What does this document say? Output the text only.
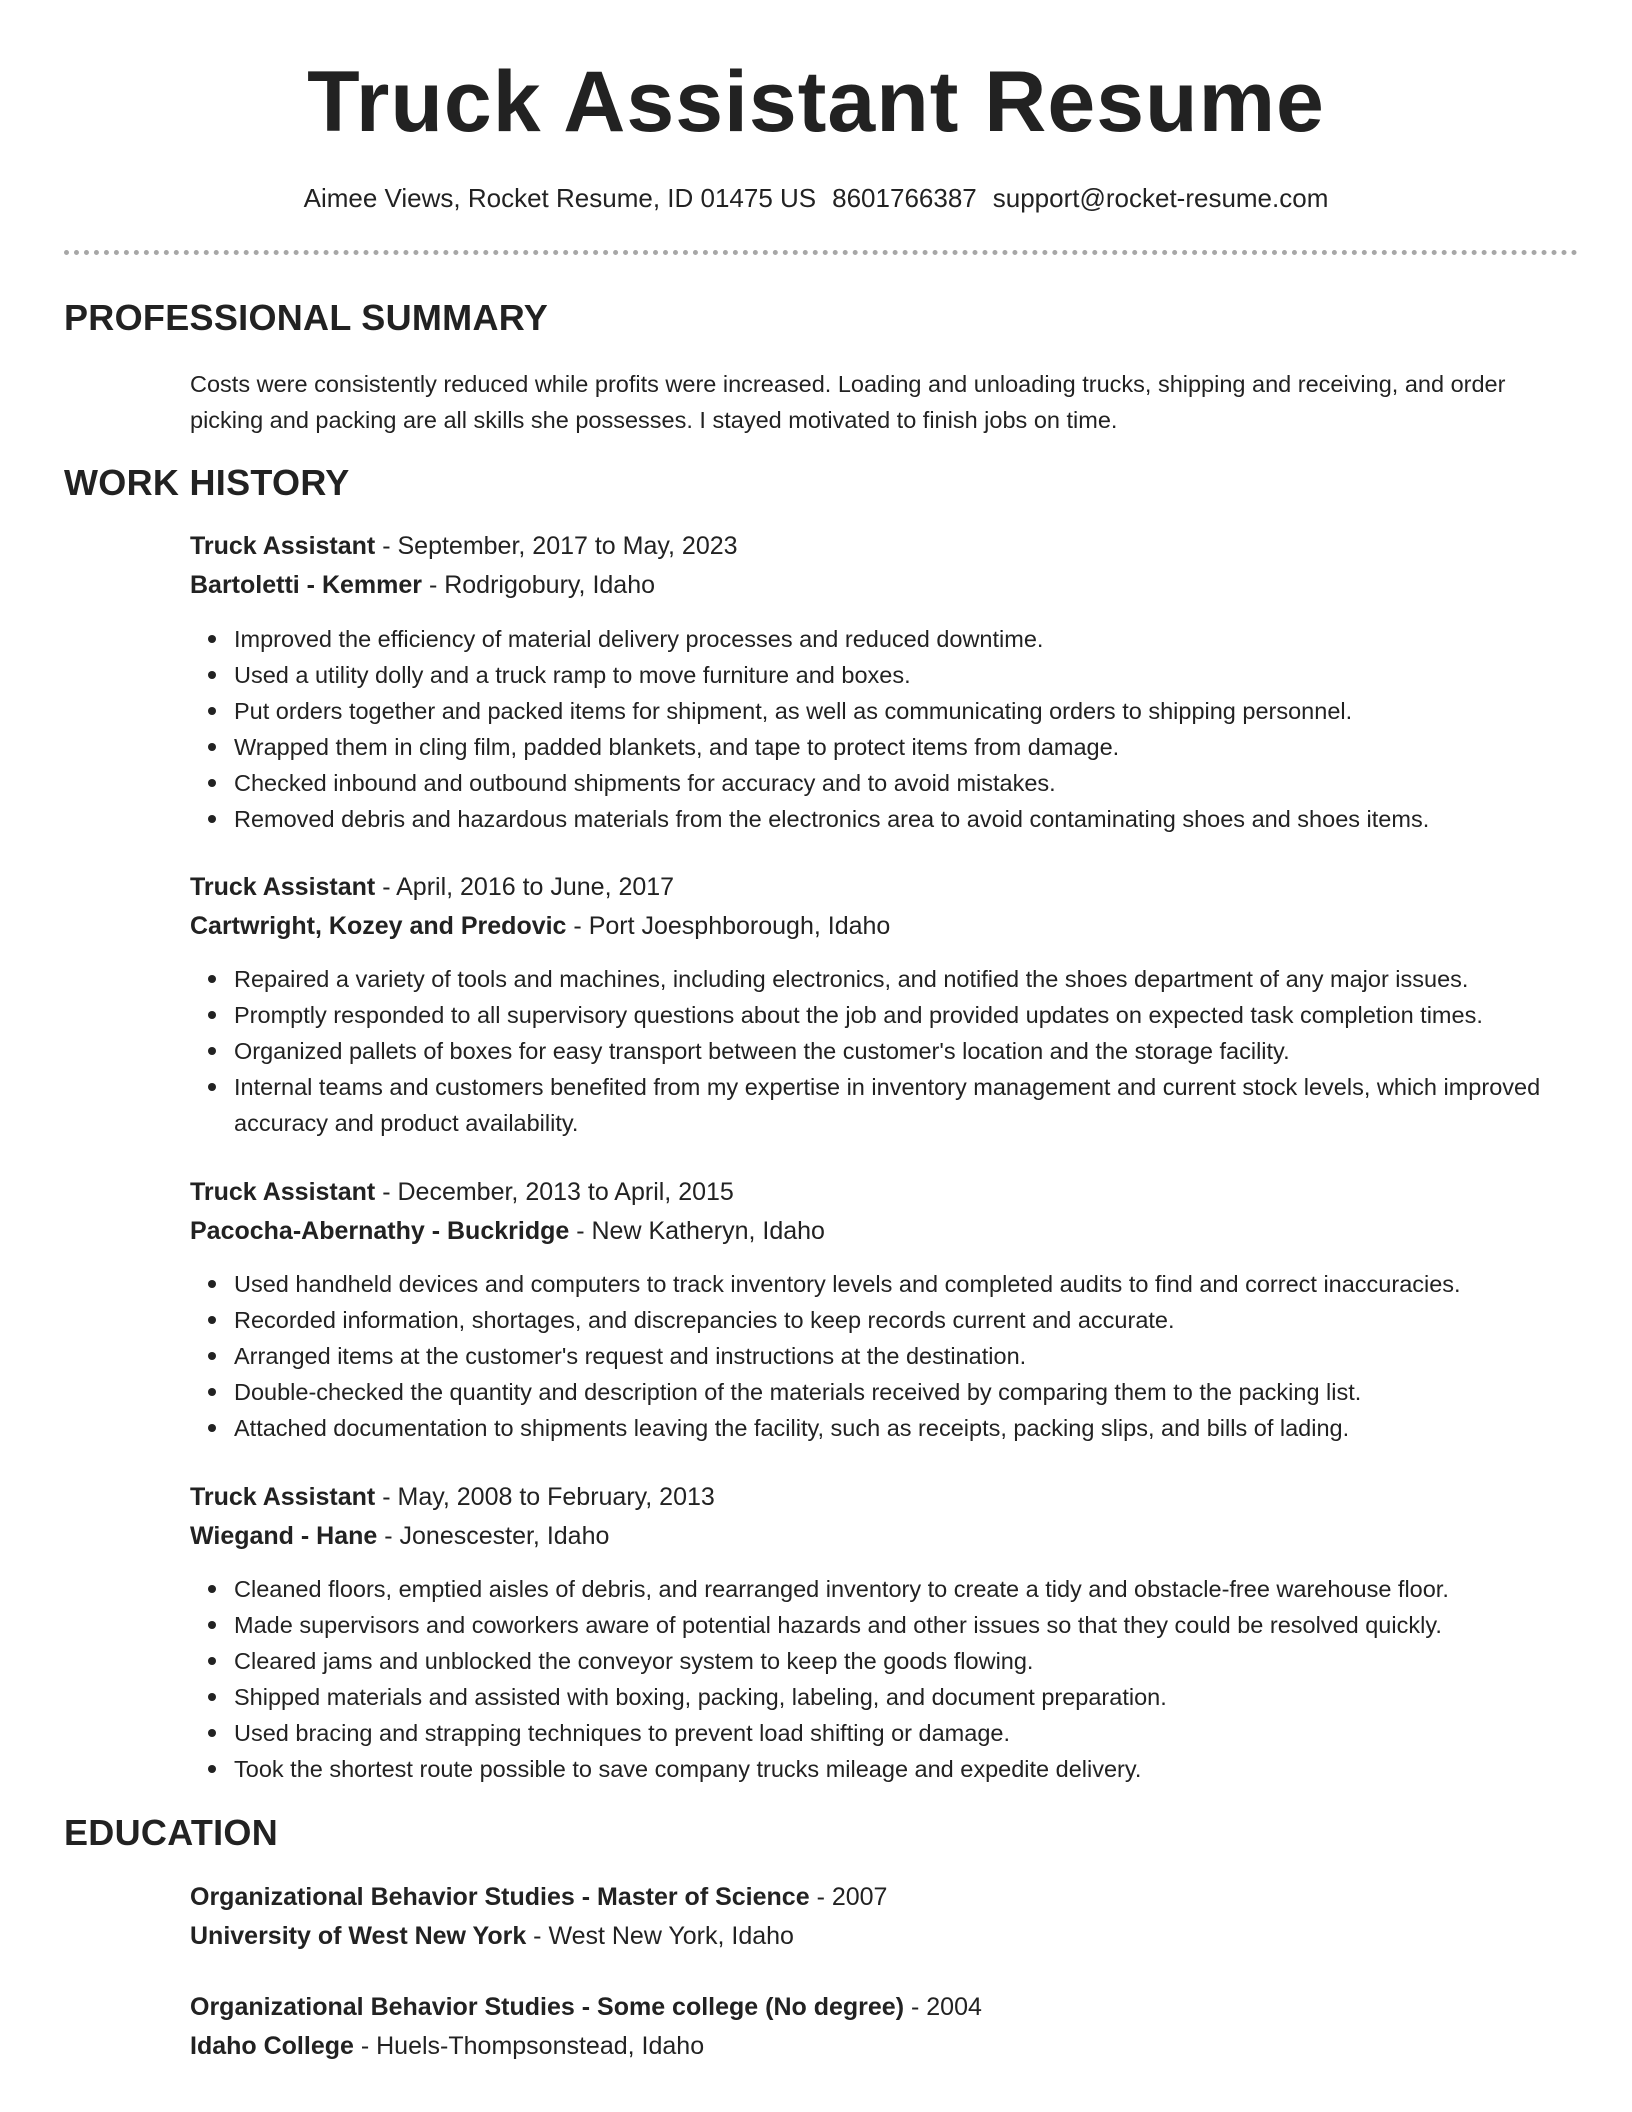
Truck Assistant Resume
Aimee Views, Rocket Resume, ID 01475 US 8601766387 support@rocket-resume.com
PROFESSIONAL SUMMARY
Costs were consistently reduced while profits were increased. Loading and unloading trucks, shipping and receiving, and order picking and packing are all skills she possesses. I stayed motivated to finish jobs on time.
WORK HISTORY
Truck Assistant - September, 2017 to May, 2023
Bartoletti - Kemmer - Rodrigobury, Idaho
Improved the efficiency of material delivery processes and reduced downtime.
Used a utility dolly and a truck ramp to move furniture and boxes.
Put orders together and packed items for shipment, as well as communicating orders to shipping personnel.
Wrapped them in cling film, padded blankets, and tape to protect items from damage.
Checked inbound and outbound shipments for accuracy and to avoid mistakes.
Removed debris and hazardous materials from the electronics area to avoid contaminating shoes and shoes items.
Truck Assistant - April, 2016 to June, 2017
Cartwright, Kozey and Predovic - Port Joesphborough, Idaho
Repaired a variety of tools and machines, including electronics, and notified the shoes department of any major issues.
Promptly responded to all supervisory questions about the job and provided updates on expected task completion times.
Organized pallets of boxes for easy transport between the customer's location and the storage facility.
Internal teams and customers benefited from my expertise in inventory management and current stock levels, which improved accuracy and product availability.
Truck Assistant - December, 2013 to April, 2015
Pacocha-Abernathy - Buckridge - New Katheryn, Idaho
Used handheld devices and computers to track inventory levels and completed audits to find and correct inaccuracies.
Recorded information, shortages, and discrepancies to keep records current and accurate.
Arranged items at the customer's request and instructions at the destination.
Double-checked the quantity and description of the materials received by comparing them to the packing list.
Attached documentation to shipments leaving the facility, such as receipts, packing slips, and bills of lading.
Truck Assistant - May, 2008 to February, 2013
Wiegand - Hane - Jonescester, Idaho
Cleaned floors, emptied aisles of debris, and rearranged inventory to create a tidy and obstacle-free warehouse floor.
Made supervisors and coworkers aware of potential hazards and other issues so that they could be resolved quickly.
Cleared jams and unblocked the conveyor system to keep the goods flowing.
Shipped materials and assisted with boxing, packing, labeling, and document preparation.
Used bracing and strapping techniques to prevent load shifting or damage.
Took the shortest route possible to save company trucks mileage and expedite delivery.
EDUCATION
Organizational Behavior Studies - Master of Science - 2007
University of West New York - West New York, Idaho
Organizational Behavior Studies - Some college (No degree) - 2004
Idaho College - Huels-Thompsonstead, Idaho
